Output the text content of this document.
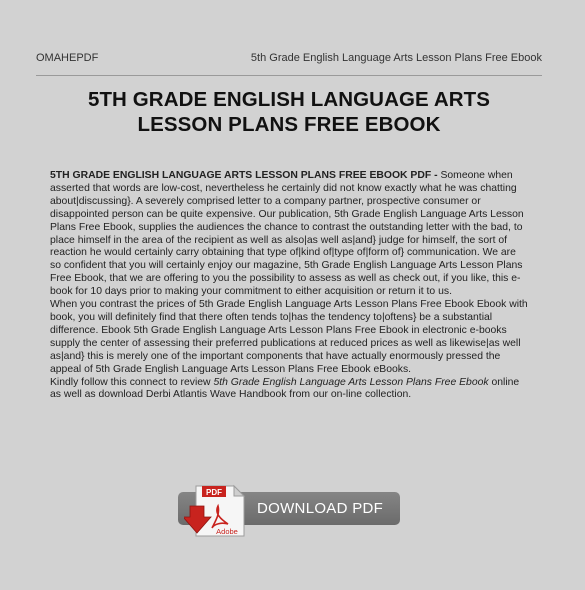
OMAHEPDF	5th Grade English Language Arts Lesson Plans Free Ebook
5TH GRADE ENGLISH LANGUAGE ARTS
LESSON PLANS FREE EBOOK

5TH GRADE ENGLISH LANGUAGE ARTS LESSON PLANS FREE EBOOK PDF - Someone when asserted that words are low-cost, nevertheless he certainly did not know exactly what he was chatting about|discussing}. A severely comprised letter to a company partner, prospective consumer or disappointed person can be quite expensive. Our publication, 5th Grade English Language Arts Lesson Plans Free Ebook, supplies the audiences the chance to contrast the outstanding letter with the bad, to place himself in the area of the recipient as well as also|as well as|and} judge for himself, the sort of reaction he would certainly carry obtaining that type of|kind of|type of|form of} communication. We are so confident that you will certainly enjoy our magazine, 5th Grade English Language Arts Lesson Plans Free Ebook, that we are offering to you the possibility to assess as well as check out, if you like, this e-book for 10 days prior to making your commitment to either acquisition or return it to us.

When you contrast the prices of 5th Grade English Language Arts Lesson Plans Free Ebook Ebook with book, you will definitely find that there often tends to|has the tendency to|oftens} be a substantial difference. Ebook 5th Grade English Language Arts Lesson Plans Free Ebook in electronic e-books supply the center of assessing their preferred publications at reduced prices as well as likewise|as well as|and} this is merely one of the important components that have actually enormously pressed the appeal of 5th Grade English Language Arts Lesson Plans Free Ebook eBooks.

Kindly follow this connect to review 5th Grade English Language Arts Lesson Plans Free Ebook online as well as download Derbi Atlantis Wave Handbook from our on-line collection.

PDF
Adobe
DOWNLOAD PDF
